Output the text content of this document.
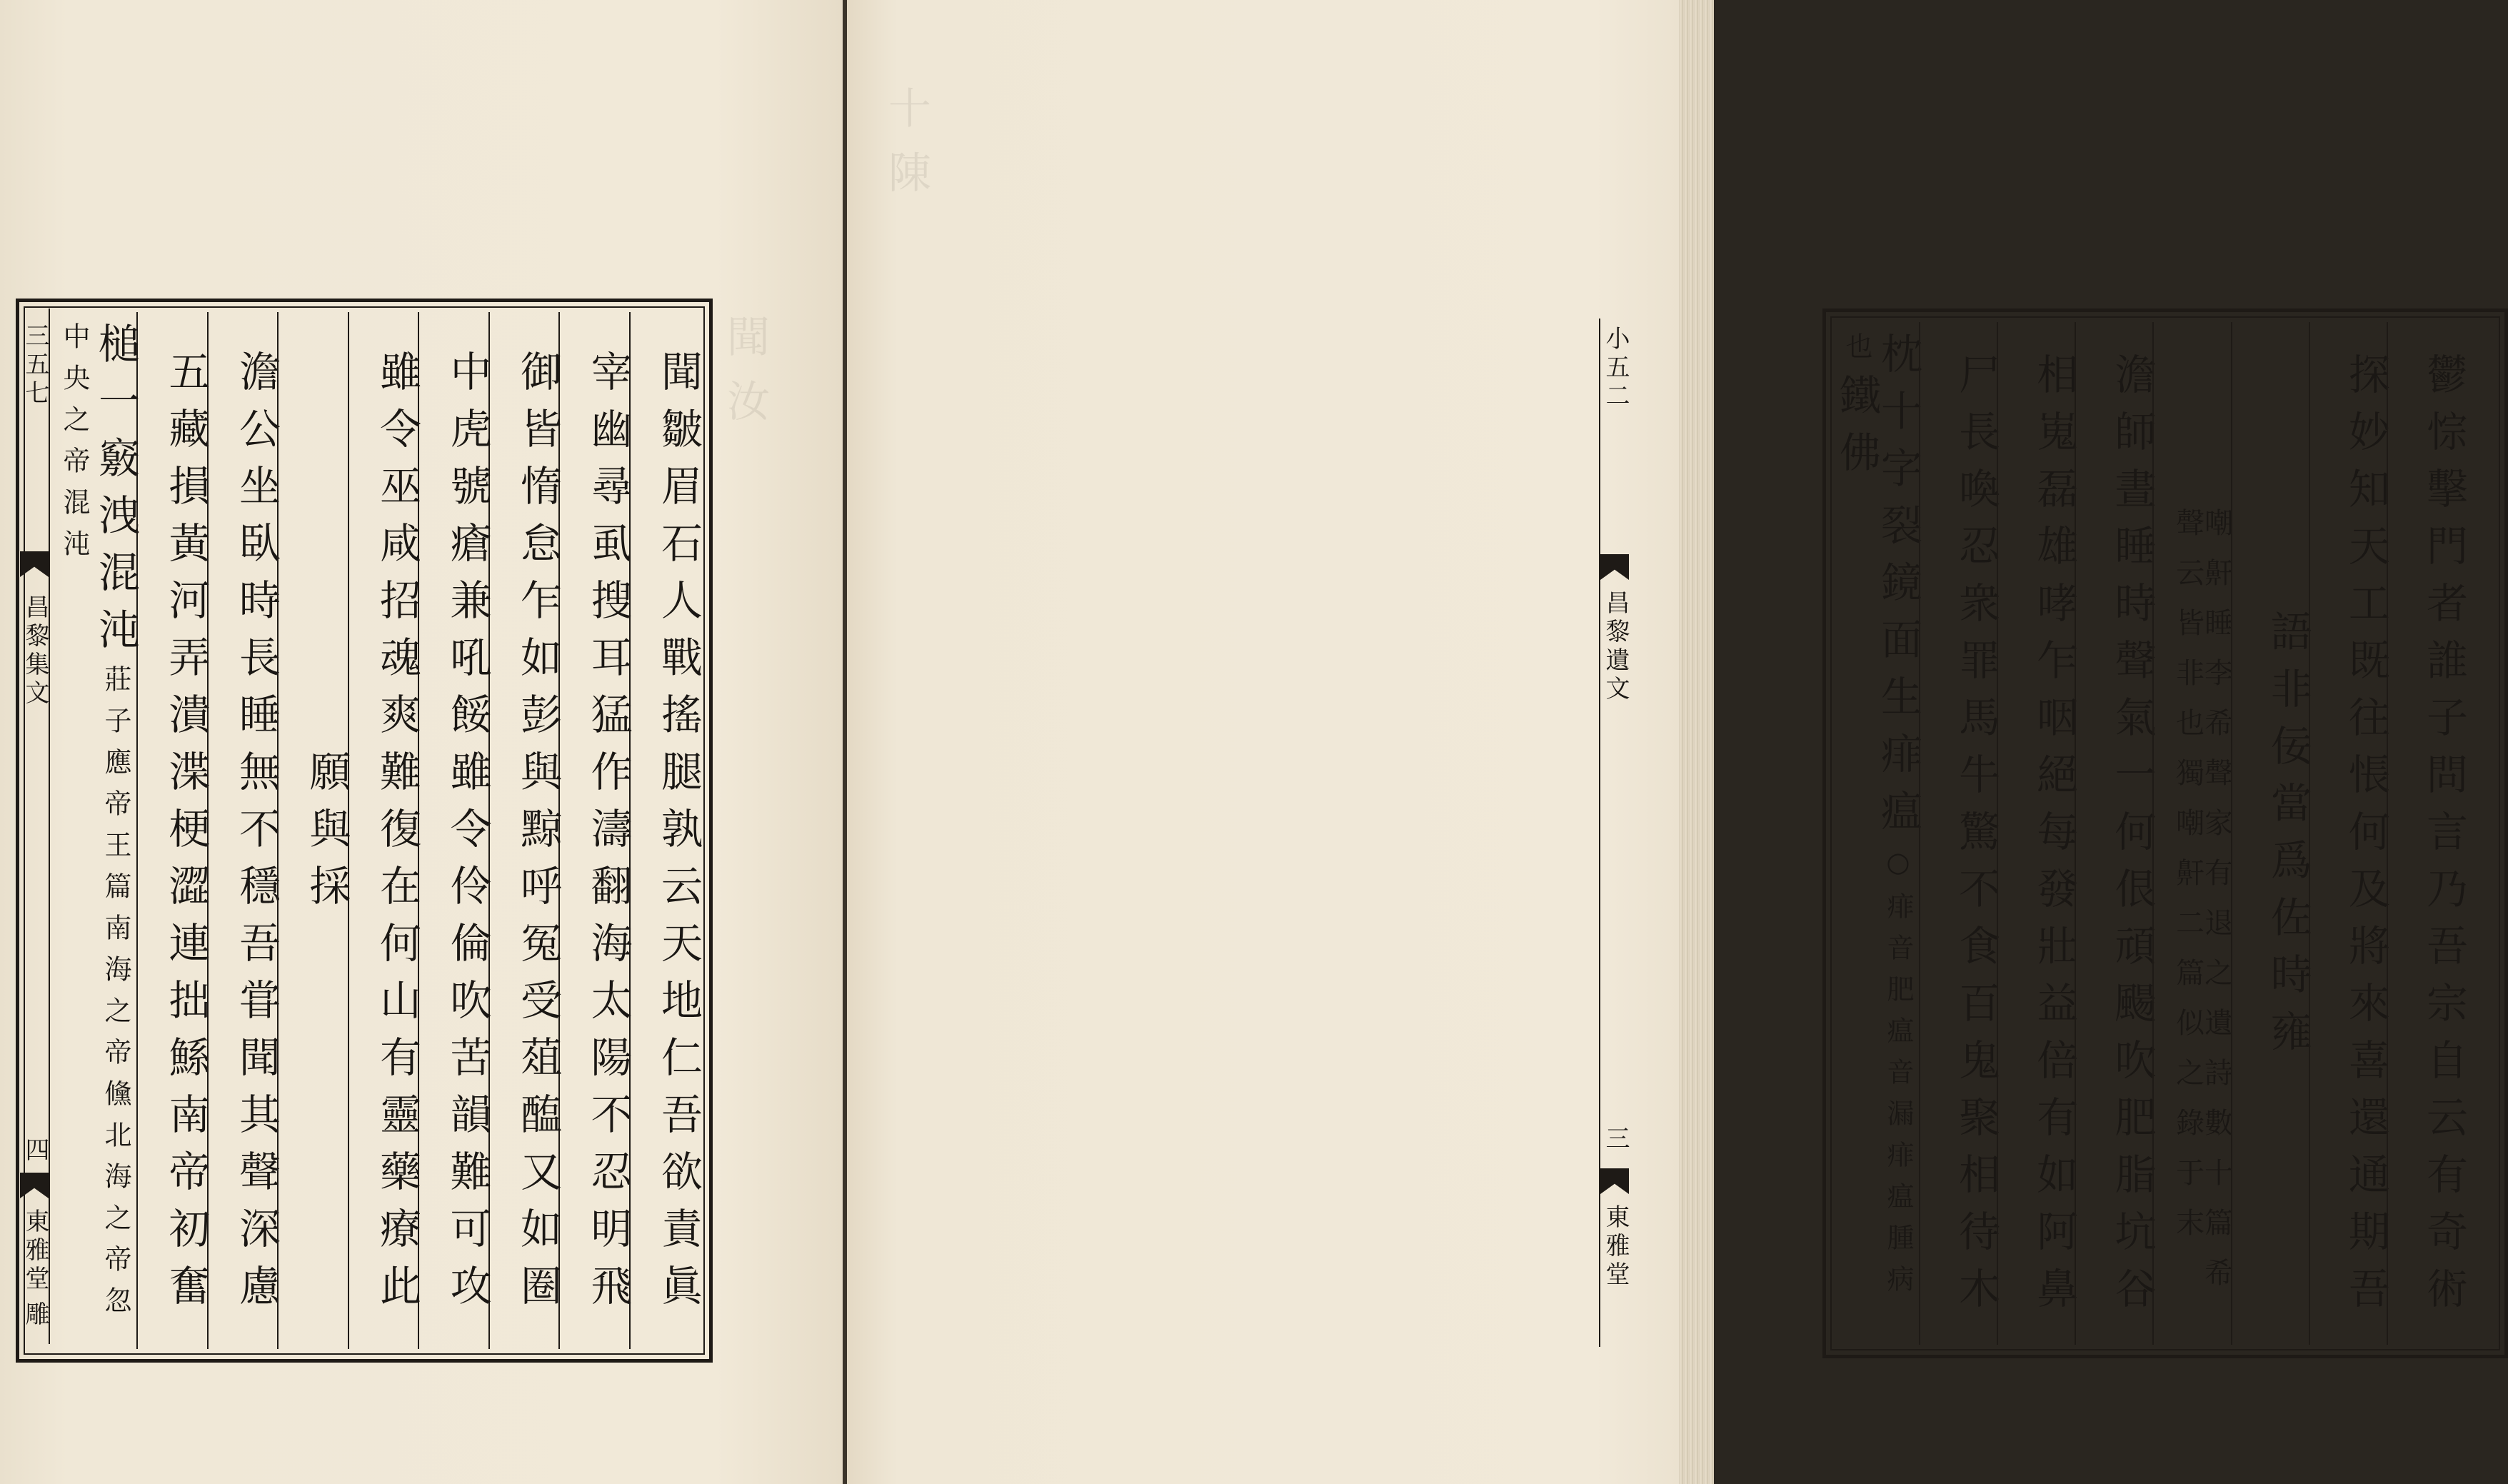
聞汝
聞皺眉石人戰搖腿孰云天地仁吾欲責眞
宰幽尋虱搜耳猛作濤翻海太陽不忍明飛
御皆惰怠乍如彭與黥呼冤受葅醢又如圈
中虎號瘡兼吼餒雖令伶倫吹苦韻難可攻
雖令巫咸招魂爽難復在何山有靈藥療此
願與採
澹公坐臥時長睡無不穩吾甞聞其聲深慮
五藏損黃河弄潰渫梗澀連拙鯀南帝初奮
槌一竅洩混沌莊子應帝王篇南海之帝儵北海之帝忽中央之帝混沌
三五七
昌黎集文
四
東雅堂
雕
十陳
鬱悰擊門者誰子問言乃吾宗自云有奇術
探妙知天工既往悵何及將來喜還通期吾
語非佞當爲佐時雍
嘲鼾睡李希聲家有退之遺詩數十篇希聲云皆非也獨嘲鼾二篇似之錄于末
澹師晝睡時聲氣一何佷頑颺吹肥脂坑谷
相嵬磊雄哮乍咽絕每發壯益倍有如阿鼻
尸長喚忍衆罪馬牛驚不食百鬼聚相待木
枕十字裂鏡面生痱瘟○痱音肥瘟音漏痱瘟腫病也鐵佛
小五二
昌黎遺文
三
東雅堂
